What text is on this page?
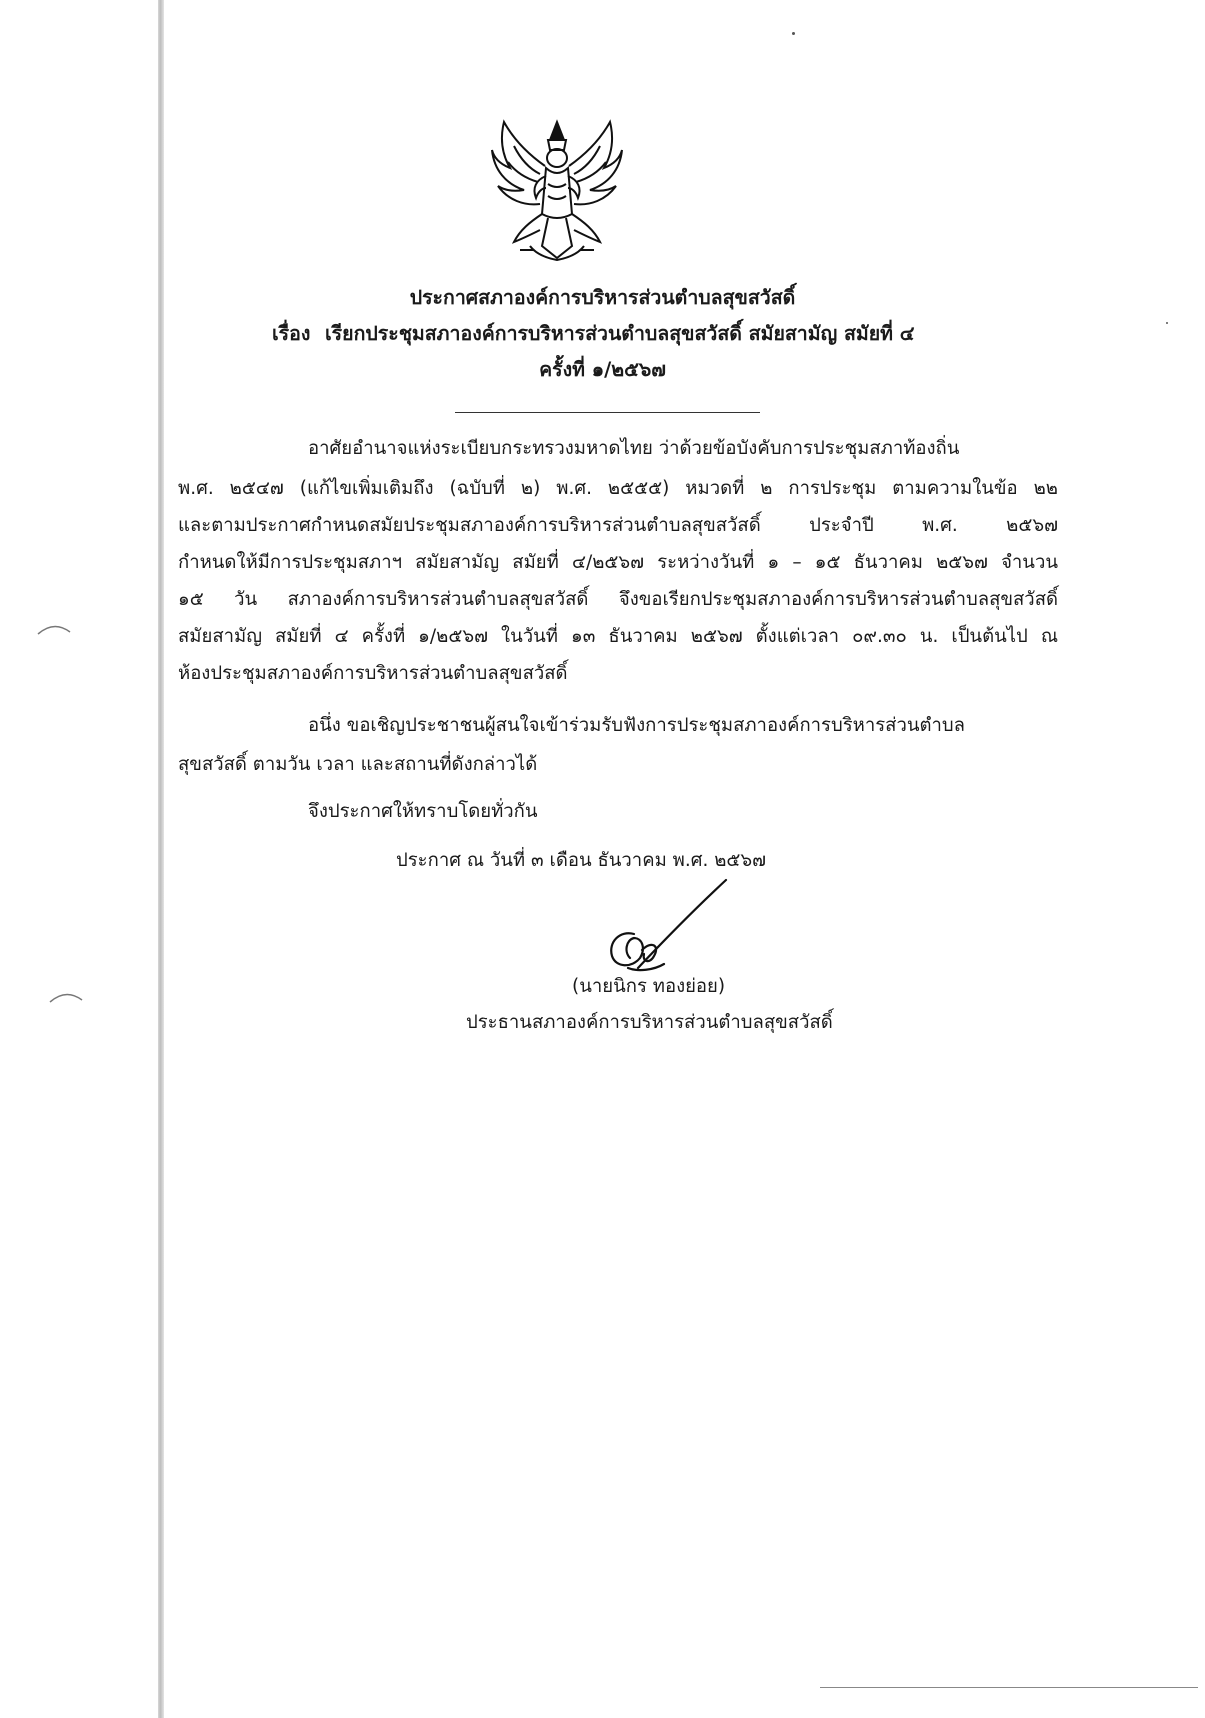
ประกาศสภาองค์การบริหารส่วนตำบลสุขสวัสดิ์
เรื่อง เรียกประชุมสภาองค์การบริหารส่วนตำบลสุขสวัสดิ์ สมัยสามัญ สมัยที่ ๔
ครั้งที่ ๑/๒๕๖๗
อาศัยอำนาจแห่งระเบียบกระทรวงมหาดไทย ว่าด้วยข้อบังคับการประชุมสภาท้องถิ่น
พ.ศ. ๒๕๔๗ (แก้ไขเพิ่มเติมถึง (ฉบับที่ ๒) พ.ศ. ๒๕๕๕) หมวดที่ ๒ การประชุม ตามความในข้อ ๒๒
และตามประกาศกำหนดสมัยประชุมสภาองค์การบริหารส่วนตำบลสุขสวัสดิ์ ประจำปี พ.ศ. ๒๕๖๗
กำหนดให้มีการประชุมสภาฯ สมัยสามัญ สมัยที่ ๔/๒๕๖๗ ระหว่างวันที่ ๑ – ๑๕ ธันวาคม ๒๕๖๗ จำนวน
๑๕ วัน สภาองค์การบริหารส่วนตำบลสุขสวัสดิ์ จึงขอเรียกประชุมสภาองค์การบริหารส่วนตำบลสุขสวัสดิ์
สมัยสามัญ สมัยที่ ๔ ครั้งที่ ๑/๒๕๖๗ ในวันที่ ๑๓ ธันวาคม ๒๕๖๗ ตั้งแต่เวลา ๐๙.๓๐ น. เป็นต้นไป ณ
ห้องประชุมสภาองค์การบริหารส่วนตำบลสุขสวัสดิ์
อนึ่ง ขอเชิญประชาชนผู้สนใจเข้าร่วมรับฟังการประชุมสภาองค์การบริหารส่วนตำบล
สุขสวัสดิ์ ตามวัน เวลา และสถานที่ดังกล่าวได้
จึงประกาศให้ทราบโดยทั่วกัน
ประกาศ ณ วันที่ ๓ เดือน ธันวาคม พ.ศ. ๒๕๖๗
(นายนิกร ทองย่อย)
ประธานสภาองค์การบริหารส่วนตำบลสุขสวัสดิ์
